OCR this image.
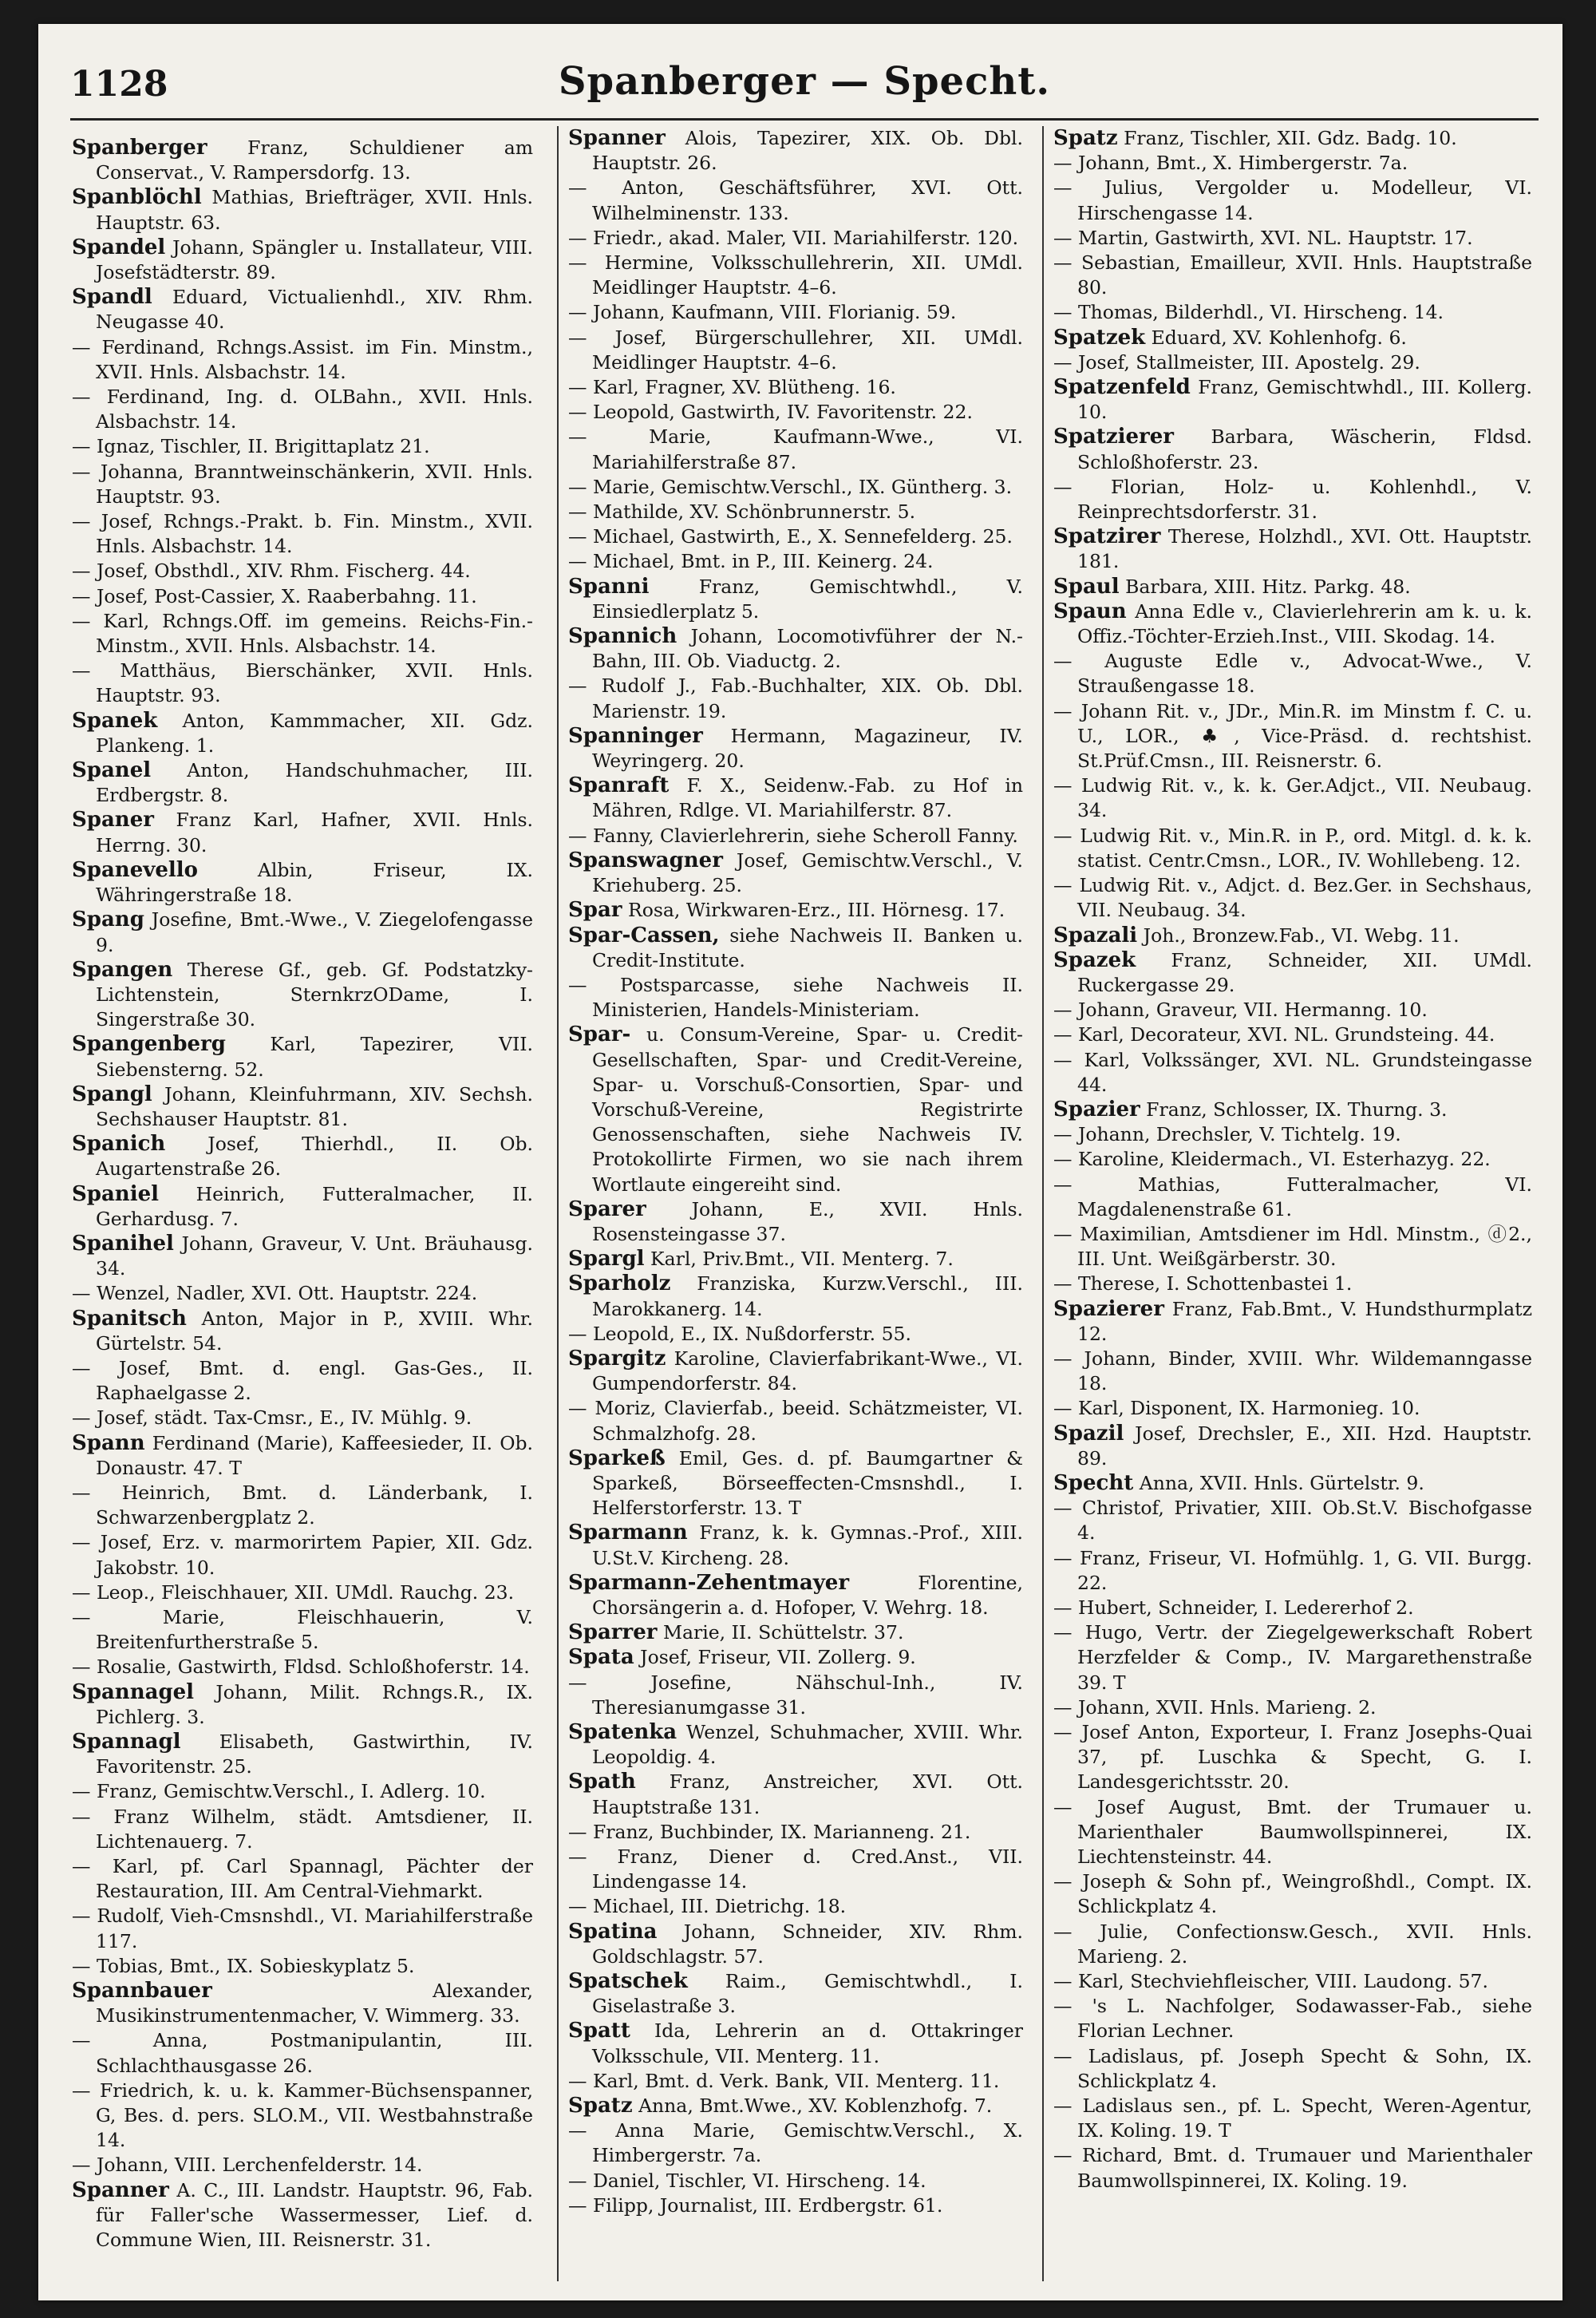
1128	Spanberger — Specht.

Spanberger Franz, Schuldiener am Conservat., V. Rampersdorfg. 13.

Spanblöchl Mathias, Briefträger, XVII. Hnls. Hauptstr. 63.

Spandel Johann, Spängler u. Installateur, VIII. Josefstädterstr. 89.

Spandl Eduard, Victualienhdl., XIV. Rhm. Neugasse 40.

— Ferdinand, Rchngs.Assist. im Fin. Minstm., XVII. Hnls. Alsbachstr. 14.

— Ferdinand, Ing. d. OLBahn., XVII. Hnls. Alsbachstr. 14.

— Ignaz, Tischler, II. Brigittaplatz 21.

— Johanna, Branntweinschänkerin, XVII. Hnls. Hauptstr. 93.

— Josef, Rchngs.-Prakt. b. Fin. Minstm., XVII. Hnls. Alsbachstr. 14.

— Josef, Obsthdl., XIV. Rhm. Fischerg. 44.

— Josef, Post-Cassier, X. Raaberbahng. 11.

— Karl, Rchngs.Off. im gemeins. Reichs-Fin.-Minstm., XVII. Hnls. Alsbachstr. 14.

— Matthäus, Bierschänker, XVII. Hnls. Hauptstr. 93.

Spanek Anton, Kammmacher, XII. Gdz. Plankeng. 1.

Spanel Anton, Handschuhmacher, III. Erdbergstr. 8.

Spaner Franz Karl, Hafner, XVII. Hnls. Herrng. 30.

Spanevello	Albin, Friseur, IX. Währingerstraße 18.

Spang Josefine, Bmt.-Wwe., V. Ziegelofengasse 9.

Spangen Therese Gf., geb. Gf. Podstatzky-Lichtenstein, SternkrzODame, I. Singerstraße 30.

Spangenberg Karl, Tapezirer, VII. Siebensterng. 52.

Spangl Johann, Kleinfuhrmann, XIV. Sechsh. Sechshauser Hauptstr. 81.

Spanich Josef, Thierhdl., II. Ob. Augartenstraße 26.

Spaniel Heinrich, Futteralmacher, II. Gerhardusg. 7.

Spanihel Johann, Graveur, V. Unt. Bräuhausg. 34.

— Wenzel, Nadler, XVI. Ott. Hauptstr. 224.

Spanitsch Anton, Major in P., XVIII. Whr. Gürtelstr. 54.

— Josef, Bmt. d. engl. Gas-Ges., II. Raphaelgasse 2.

— Josef, städt. Tax-Cmsr., E., IV. Mühlg. 9.

Spann Ferdinand (Marie), Kaffeesieder, II. Ob. Donaustr. 47. T

— Heinrich, Bmt. d. Länderbank, I. Schwarzenbergplatz 2.

— Josef, Erz. v. marmorirtem Papier, XII. Gdz. Jakobstr. 10.

— Leop., Fleischhauer, XII. UMdl. Rauchg. 23.

— Marie, Fleischhauerin, V. Breitenfurtherstraße 5.

— Rosalie, Gastwirth, Fldsd. Schloßhoferstr. 14.

Spannagel Johann, Milit. Rchngs.R., IX. Pichlerg. 3.

Spannagl Elisabeth, Gastwirthin, IV. Favoritenstr. 25.

— Franz, Gemischtw.Verschl., I. Adlerg. 10.

— Franz Wilhelm, städt. Amtsdiener, II. Lichtenauerg. 7.

— Karl, pf. Carl Spannagl, Pächter der Restauration, III. Am Central-Viehmarkt.

— Rudolf, Vieh-Cmsnshdl., VI. Mariahilferstraße 117.

— Tobias, Bmt., IX. Sobieskyplatz 5.

Spannbauer	Alexander, Musikinstrumentenmacher, V. Wimmerg. 33.

— Anna, Postmanipulantin, III. Schlachthausgasse 26.

— Friedrich, k. u. k. Kammer-Büchsenspanner, G, Bes. d. pers. SLO.M., VII. Westbahnstraße 14.

— Johann, VIII. Lerchenfelderstr. 14.

Spanner A. C., III. Landstr. Hauptstr. 96, Fab. für Faller'sche Wassermesser, Lief. d. Commune Wien, III. Reisnerstr. 31.

Spanner Alois, Tapezirer, XIX. Ob. Dbl. Hauptstr. 26.

— Anton, Geschäftsführer, XVI. Ott. Wilhelminenstr. 133.

— Friedr., akad. Maler, VII. Mariahilferstr. 120.

— Hermine, Volksschullehrerin, XII. UMdl. Meidlinger Hauptstr. 4–6.

— Johann, Kaufmann, VIII. Florianig. 59.

— Josef, Bürgerschullehrer, XII. UMdl. Meidlinger Hauptstr. 4–6.

— Karl, Fragner, XV. Blütheng. 16.

— Leopold, Gastwirth, IV. Favoritenstr. 22.

— Marie, Kaufmann-Wwe., VI. Mariahilferstraße 87.

— Marie, Gemischtw.Verschl., IX. Güntherg. 3.

— Mathilde, XV. Schönbrunnerstr. 5.

— Michael, Gastwirth, E., X. Sennefelderg. 25.

— Michael, Bmt. in P., III. Keinerg. 24.

Spanni	Franz, Gemischtwhdl., V. Einsiedlerplatz 5.

Spannich Johann, Locomotivführer der N.-Bahn, III. Ob. Viaductg. 2.

— Rudolf J., Fab.-Buchhalter, XIX. Ob. Dbl. Marienstr. 19.

Spanninger Hermann, Magazineur, IV. Weyringerg. 20.

Spanraft F. X., Seidenw.-Fab. zu Hof in Mähren, Rdlge. VI. Mariahilferstr. 87.

— Fanny, Clavierlehrerin, siehe Scheroll Fanny.

Spanswagner Josef, Gemischtw.Verschl., V. Kriehuberg. 25.

Spar Rosa, Wirkwaren-Erz., III. Hörnesg. 17.

Spar-Cassen, siehe Nachweis II. Banken u. Credit-Institute.

— Postsparcasse, siehe Nachweis II. Ministerien, Handels-Ministeriam.

Spar- u. Consum-Vereine, Spar- u. Credit-Gesellschaften, Spar- und Credit-Vereine, Spar- u. Vorschuß-Consortien, Spar- und Vorschuß-Vereine, Registrirte Genossenschaften, siehe Nachweis IV. Protokollirte Firmen, wo sie nach ihrem Wortlaute eingereiht sind.

Sparer Johann, E., XVII. Hnls. Rosensteingasse 37.

Spargl Karl, Priv.Bmt., VII. Menterg. 7.

Sparholz Franziska, Kurzw.Verschl., III. Marokkanerg. 14.

— Leopold, E., IX. Nußdorferstr. 55.

Spargitz Karoline, Clavierfabrikant-Wwe., VI. Gumpendorferstr. 84.

— Moriz, Clavierfab., beeid. Schätzmeister, VI. Schmalzhofg. 28.

Sparkeß Emil, Ges. d. pf. Baumgartner & Sparkeß, Börseeffecten-Cmsnshdl., I. Helferstorferstr. 13. T

Sparmann Franz, k. k. Gymnas.-Prof., XIII. U.St.V. Kircheng. 28.

Sparmann-Zehentmayer	Florentine, Chorsängerin a. d. Hofoper, V. Wehrg. 18.

Sparrer Marie, II. Schüttelstr. 37.

Spata Josef, Friseur, VII. Zollerg. 9.

— Josefine, Nähschul-Inh., IV. Theresianumgasse 31.

Spatenka Wenzel, Schuhmacher, XVIII. Whr. Leopoldig. 4.

Spath Franz, Anstreicher, XVI. Ott. Hauptstraße 131.

— Franz, Buchbinder, IX. Marianneng. 21.

— Franz, Diener d. Cred.Anst., VII. Lindengasse 14.

— Michael, III. Dietrichg. 18.

Spatina Johann, Schneider, XIV. Rhm. Goldschlagstr. 57.

Spatschek Raim., Gemischtwhdl., I. Giselastraße 3.

Spatt Ida, Lehrerin an d. Ottakringer Volksschule, VII. Menterg. 11.

— Karl, Bmt. d. Verk. Bank, VII. Menterg. 11.

Spatz Anna, Bmt.Wwe., XV. Koblenzhofg. 7.

— Anna Marie, Gemischtw.Verschl., X. Himbergerstr. 7a.

— Daniel, Tischler, VI. Hirscheng. 14.

— Filipp, Journalist, III. Erdbergstr. 61.

Spatz Franz, Tischler, XII. Gdz. Badg. 10.

— Johann, Bmt., X. Himbergerstr. 7a.

— Julius, Vergolder u. Modelleur, VI. Hirschengasse 14.

— Martin, Gastwirth, XVI. NL. Hauptstr. 17.

— Sebastian, Emailleur, XVII. Hnls. Hauptstraße 80.

— Thomas, Bilderhdl., VI. Hirscheng. 14.

Spatzek Eduard, XV. Kohlenhofg. 6.

— Josef, Stallmeister, III. Apostelg. 29.

Spatzenfeld Franz, Gemischtwhdl., III. Kollerg. 10.

Spatzierer Barbara, Wäscherin, Fldsd. Schloßhoferstr. 23.

— Florian, Holz- u. Kohlenhdl., V. Reinprechtsdorferstr. 31.

Spatzirer Therese, Holzhdl., XVI. Ott. Hauptstr. 181.

Spaul Barbara, XIII. Hitz. Parkg. 48.

Spaun Anna Edle v., Clavierlehrerin am k. u. k. Offiz.-Töchter-Erzieh.Inst., VIII. Skodag. 14.

— Auguste Edle v., Advocat-Wwe., V. Straußengasse 18.

— Johann Rit. v., JDr., Min.R. im Minstm f. C. u. U., LOR., ♣, Vice-Präsd. d. rechtshist. St.Prüf.Cmsn., III. Reisnerstr. 6.

— Ludwig Rit. v., k. k. Ger.Adjct., VII. Neubaug. 34.

— Ludwig Rit. v., Min.R. in P., ord. Mitgl. d. k. k. statist. Centr.Cmsn., LOR., IV. Wohllebeng. 12.

— Ludwig Rit. v., Adjct. d. Bez.Ger. in Sechshaus, VII. Neubaug. 34.

Spazali Joh., Bronzew.Fab., VI. Webg. 11.

Spazek Franz, Schneider, XII. UMdl. Ruckergasse 29.

— Johann, Graveur, VII. Hermanng. 10.

— Karl, Decorateur, XVI. NL. Grundsteing. 44.

— Karl, Volkssänger, XVI. NL. Grundsteingasse 44.

Spazier Franz, Schlosser, IX. Thurng. 3.

— Johann, Drechsler, V. Tichtelg. 19.

— Karoline, Kleidermach., VI. Esterhazyg. 22.

— Mathias, Futteralmacher, VI. Magdalenenstraße 61.

— Maximilian, Amtsdiener im Hdl. Minstm., ⓓ2., III. Unt. Weißgärberstr. 30.

— Therese, I. Schottenbastei 1.

Spazierer Franz, Fab.Bmt., V. Hundsthurmplatz 12.

— Johann, Binder, XVIII. Whr. Wildemanngasse 18.

— Karl, Disponent, IX. Harmonieg. 10.

Spazil Josef, Drechsler, E., XII. Hzd. Hauptstr. 89.

Specht Anna, XVII. Hnls. Gürtelstr. 9.

— Christof, Privatier, XIII. Ob.St.V. Bischofgasse 4.

— Franz, Friseur, VI. Hofmühlg. 1, G. VII. Burgg. 22.

— Hubert, Schneider, I. Ledererhof 2.

— Hugo, Vertr. der Ziegelgewerkschaft Robert Herzfelder & Comp., IV. Margarethenstraße 39. T

— Johann, XVII. Hnls. Marieng. 2.

— Josef Anton, Exporteur, I. Franz Josephs-Quai 37, pf. Luschka & Specht, G. I. Landesgerichtsstr. 20.

— Josef August, Bmt. der Trumauer u. Marienthaler Baumwollspinnerei, IX. Liechtensteinstr. 44.

— Joseph & Sohn pf., Weingroßhdl., Compt. IX. Schlickplatz 4.

— Julie, Confectionsw.Gesch., XVII. Hnls. Marieng. 2.

— Karl, Stechviehfleischer, VIII. Laudong. 57.

— 's L. Nachfolger, Sodawasser-Fab., siehe Florian Lechner.

— Ladislaus, pf. Joseph Specht & Sohn, IX. Schlickplatz 4.

— Ladislaus sen., pf. L. Specht, Weren-Agentur, IX. Koling. 19. T

— Richard, Bmt. d. Trumauer und Marienthaler Baumwollspinnerei, IX. Koling. 19.
